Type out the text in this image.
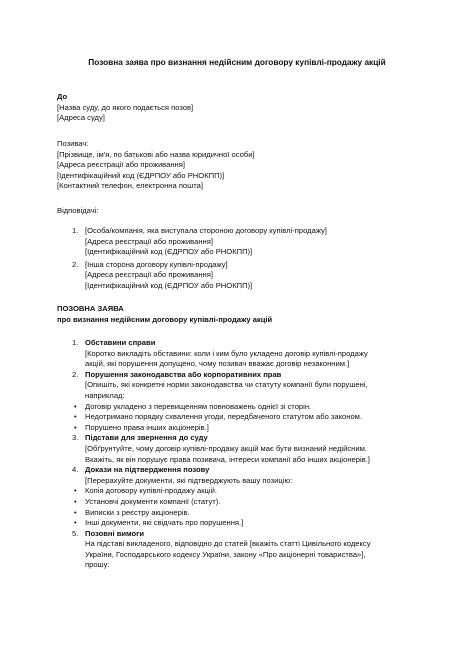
Позовна заява про визнання недійсним договору купівлі-продажу акцій
До
[Назва суду, до якого подається позов]
[Адреса суду]
Позивач:
[Прізвище, ім'я, по батькові або назва юридичної особи]
[Адреса реєстрації або проживання]
[Ідентифікаційний код (ЄДРПОУ або РНОКПП)]
[Контактний телефон, електронна пошта]
Відповідачі:
1. [Особа/компанія, яка виступала стороною договору купівлі-продажу]
[Адреса реєстрації або проживання]
[Ідентифікаційний код (ЄДРПОУ або РНОКПП)]
2. [Інша сторона договору купівлі-продажу]
[Адреса реєстрації або проживання]
[Ідентифікаційний код (ЄДРПОУ або РНОКПП)]
ПОЗОВНА ЗАЯВА
про визнання недійсним договору купівлі-продажу акцій
1. Обставини справи
[Коротко викладіть обставини: коли і ким було укладено договір купівлі-продажу
акцій, які порушення допущено, чому позивач вважає договір незаконним.]
2. Порушення законодавства або корпоративних прав
[Опишіть, які конкретні норми законодавства чи статуту компанії були порушені,
наприклад:
• Договір укладено з перевищенням повноважень однієї зі сторін.
• Недотримано порядку схвалення угоди, передбаченого статутом або законом.
• Порушено права інших акціонерів.]
3. Підстави для звернення до суду
[Обґрунтуйте, чому договір купівлі-продажу акцій має бути визнаний недійсним.
Вкажіть, як він порушує права позивача, інтереси компанії або інших акціонерів.]
4. Докази на підтвердження позову
[Перерахуйте документи, які підтверджують вашу позицію:
• Копія договору купівлі-продажу акцій.
• Установчі документи компанії (статут).
• Виписки з реєстру акціонерів.
• Інші документи, які свідчать про порушення.]
5. Позовні вимоги
На підставі викладеного, відповідно до статей [вкажіть статті Цивільного кодексу
України, Господарського кодексу України, закону «Про акціонерні товариства»],
прошу:
